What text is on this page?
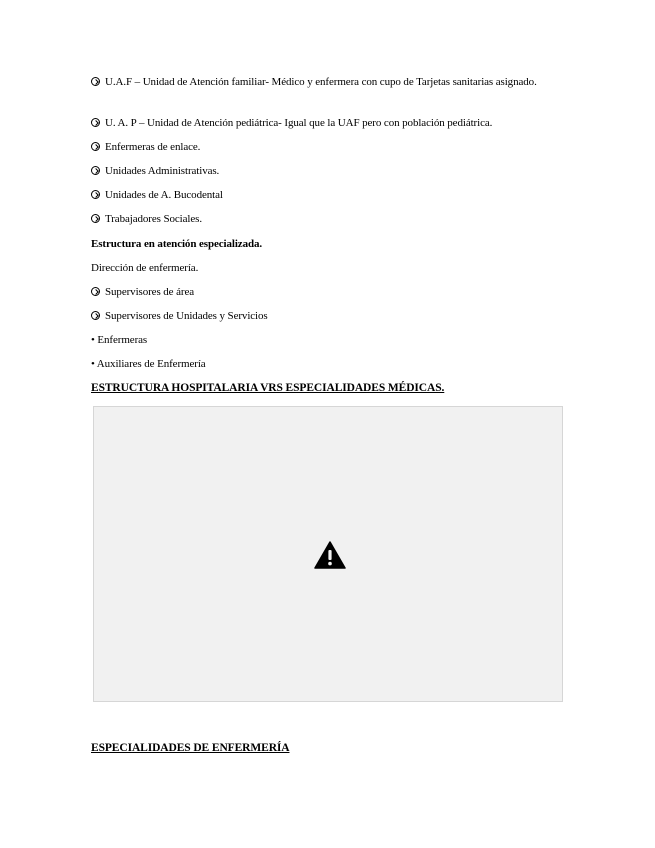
U.A.F – Unidad de Atención familiar- Médico y enfermera con cupo de Tarjetas sanitarias asignado.
U. A. P – Unidad de Atención pediátrica- Igual que la UAF pero con población pediátrica.
Enfermeras de enlace.
Unidades Administrativas.
Unidades de A. Bucodental
Trabajadores Sociales.
Estructura en atención especializada.
Dirección de enfermería.
Supervisores de área
Supervisores de Unidades y Servicios
• Enfermeras
• Auxiliares de Enfermería
ESTRUCTURA HOSPITALARIA VRS ESPECIALIDADES MÉDICAS.
ESPECIALIDADES DE ENFERMERÍA
